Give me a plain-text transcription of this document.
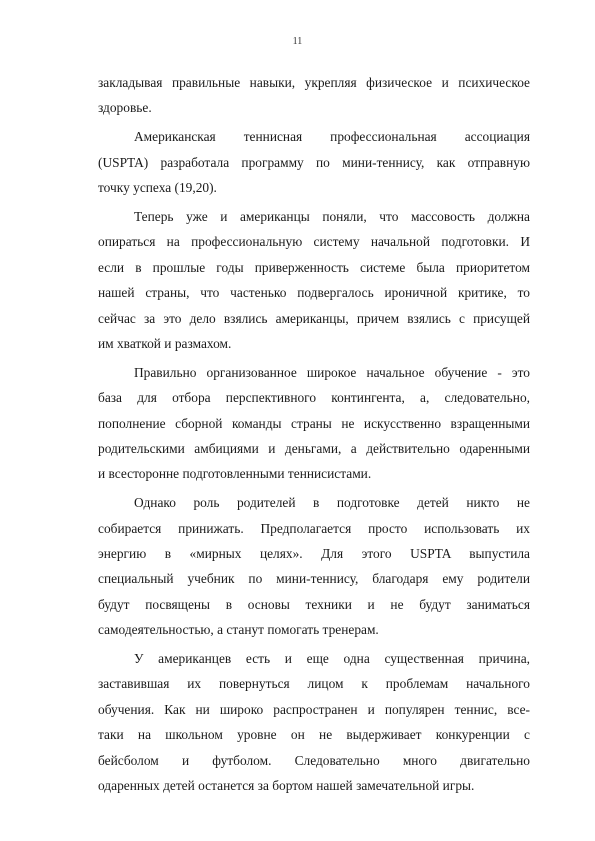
11
закладывая правильные навыки, укрепляя физическое и психическое
здоровье.
Американская теннисная профессиональная ассоциация
(USPTA) разработала программу по мини-теннису, как отправную
точку успеха (19,20).
Теперь уже и американцы поняли, что массовость должна
опираться на профессиональную систему начальной подготовки. И
если в прошлые годы приверженность системе была приоритетом
нашей страны, что частенько подвергалось ироничной критике, то
сейчас за это дело взялись американцы, причем взялись с присущей
им хваткой и размахом.
Правильно организованное широкое начальное обучение - это
база для отбора перспективного контингента, а, следовательно,
пополнение сборной команды страны не искусственно взращенными
родительскими амбициями и деньгами, а действительно одаренными
и всесторонне подготовленными теннисистами.
Однако роль родителей в подготовке детей никто не
собирается принижать. Предполагается просто использовать их
энергию в «мирных целях». Для этого USPTA выпустила
специальный учебник по мини-теннису, благодаря ему родители
будут посвящены в основы техники и не будут заниматься
самодеятельностью, а станут помогать тренерам.
У американцев есть и еще одна существенная причина,
заставившая их повернуться лицом к проблемам начального
обучения. Как ни широко распространен и популярен теннис, все-
таки на школьном уровне он не выдерживает конкуренции с
бейсболом и футболом. Следовательно много двигательно
одаренных детей останется за бортом нашей замечательной игры.
